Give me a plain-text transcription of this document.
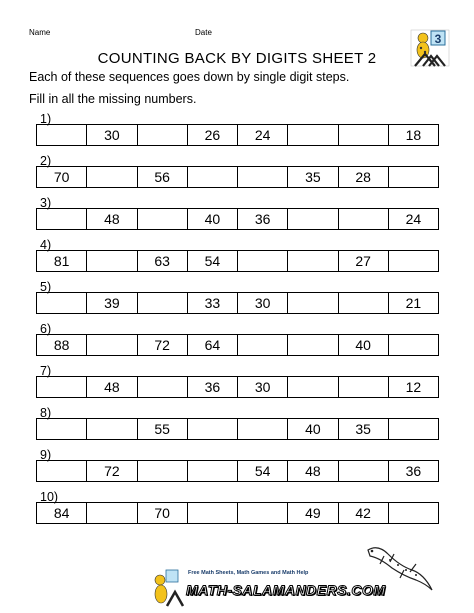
Name	Date	3
COUNTING BACK BY DIGITS SHEET 2
Each of these sequences goes down by single digit steps.
Fill in all the missing numbers.
1)
30	26	24	18
2)
70	56	35	28
3)
48	40	36	24
4)
81	63	54	27
5)
39	33	30	21
6)
88	72	64	40
7)
48	36	30	12
8)
55	40	35
9)
72	54	48	36
10)
84	70	49	42
Free Math Sheets, Math Games and Math Help
MATH-SALAMANDERS.COM
